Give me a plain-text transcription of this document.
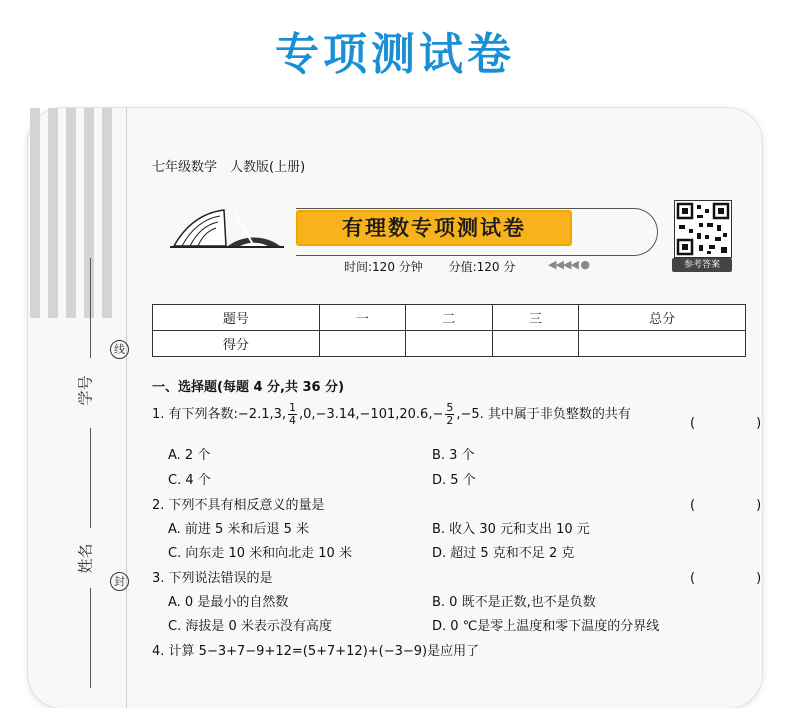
专项测试卷
学号
姓名
线
封
七年级数学　人教版(上册)
有理数专项测试卷
时间:120 分钟 分值:120 分	◀◀◀◀ ●	参考答案
题号	一	二	三	总分
得分				
一、选择题(每题 4 分,共 36 分)
1. 有下列各数:−2.1,3, $\frac{1}{4} ,0,-3.14,-101,20.6,- \frac{5}{2} ,-5$. 其中属于非负整数的共有
(　)
A. 2 个	B. 3 个
C. 4 个	D. 5 个
2. 下列不具有相反意义的量是	(　)
A. 前进 5 米和后退 5 米	B. 收入 30 元和支出 10 元
C. 向东走 10 米和向北走 10 米	D. 超过 5 克和不足 2 克
3. 下列说法错误的是	(　)
A. 0 是最小的自然数	B. 0 既不是正数,也不是负数
C. 海拔是 0 米表示没有高度	D. 0 ℃是零上温度和零下温度的分界线
4. 计算 5−3+7−9+12=(5+7+12)+(−3−9)是应用了
